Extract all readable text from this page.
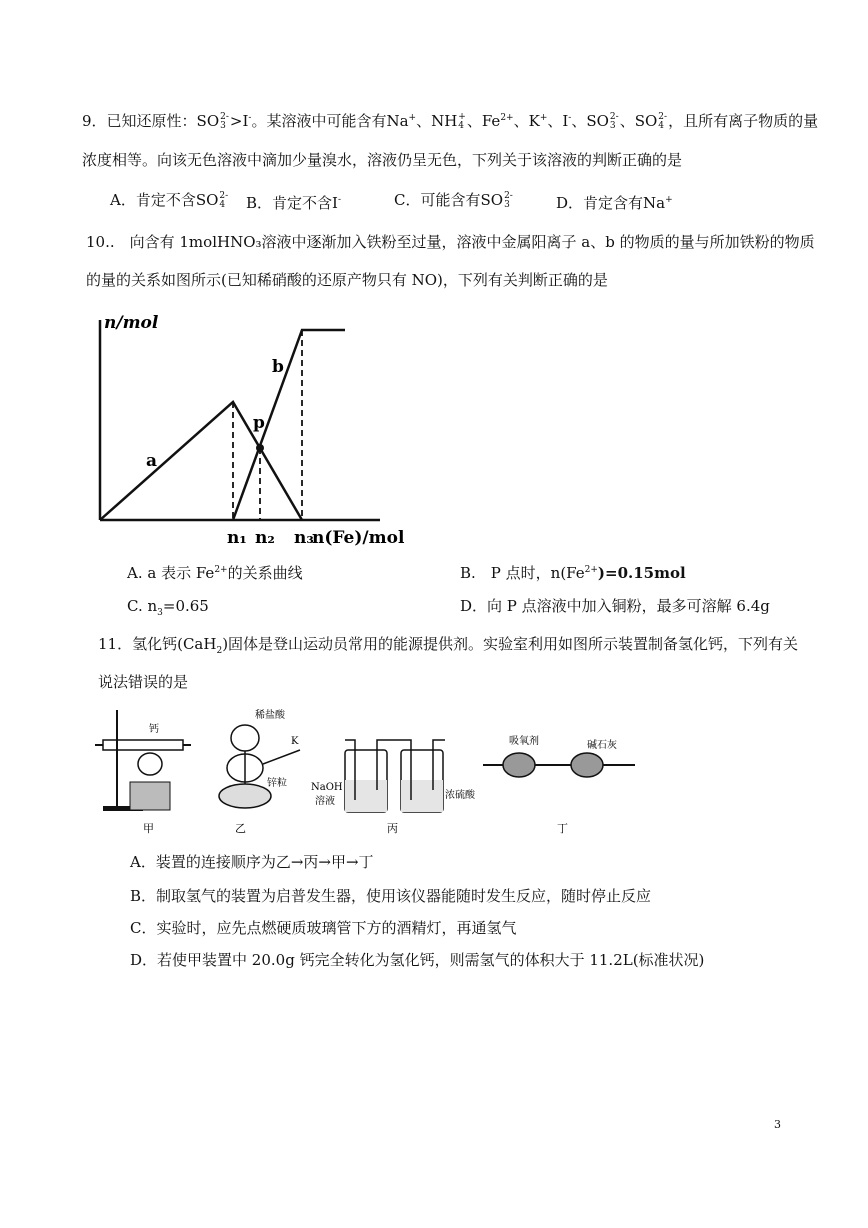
9．已知还原性：SO 2-
3 >I-。某溶液中可能含有Na+、NH +
4 、$Fe^{2+}$、K+、I-、SO 2-
3 、SO 2-
4 ，且所有离子物质的量
浓度相等。向该无色溶液中滴加少量溴水，溶液仍呈无色，下列关于该溶液的判断正确的是
A．肯定不含SO 2-
4 B．肯定不含I-	C．可能含有SO 2-
3	D．肯定含有Na+
10..　向含有 1molHNO₃溶液中逐渐加入铁粉至过量，溶液中金属阳离子 a、b 的物质的量与所加铁粉的物质
的量的关系如图所示(已知稀硝酸的还原产物只有 NO)，下列有关判断正确的是
n/mol
n(Fe)/mol
a
b
p
n₁ n₂ n₃
A. a 表示 $Fe^{2+}$的关系曲线	B.　P 点时，$n(Fe^{2+})=0.15mol$
C. $n_3=0.65$	D．向 P 点溶液中加入铜粉，最多可溶解 6.4g
11．氢化钙(CaH$_2$)固体是登山运动员常用的能源提供剂。实验室利用如图所示装置制备氢化钙，下列有关
说法错误的是
钙
甲
稀盐酸
K
锌粒
乙
NaOH
溶液
浓硫酸
丙
吸氧剂	碱石灰
丁
A．装置的连接顺序为乙→丙→甲→丁
B．制取氢气的装置为启普发生器，使用该仪器能随时发生反应，随时停止反应
C．实验时，应先点燃硬质玻璃管下方的酒精灯，再通氢气
D．若使甲装置中 20.0g 钙完全转化为氢化钙，则需氢气的体积大于 11.2L(标准状况)
3
